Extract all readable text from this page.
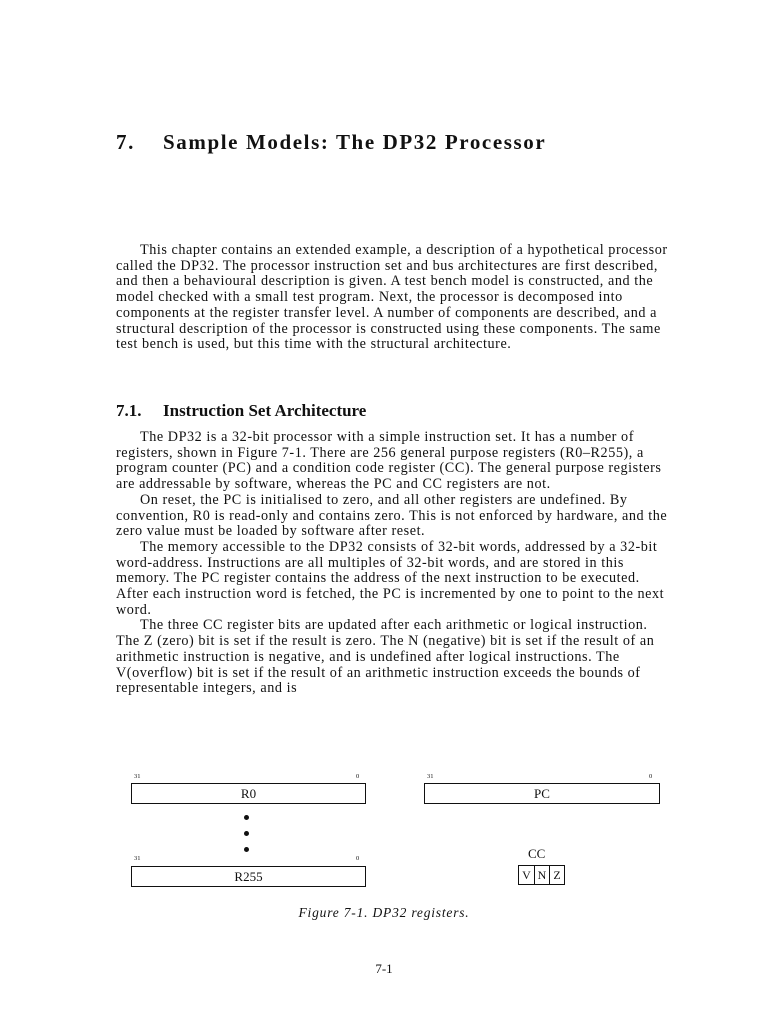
7. Sample Models: The DP32 Processor

This chapter contains an extended example, a description of a hypothetical processor called the DP32. The processor instruction set and bus architectures are first described, and then a behavioural description is given. A test bench model is constructed, and the model checked with a small test program. Next, the processor is decomposed into components at the register transfer level. A number of components are described, and a structural description of the processor is constructed using these components. The same test bench is used, but this time with the structural architecture.

7.1. Instruction Set Architecture

The DP32 is a 32-bit processor with a simple instruction set. It has a number of registers, shown in Figure 7-1. There are 256 general purpose registers (R0–R255), a program counter (PC) and a condition code register (CC). The general purpose registers are addressable by software, whereas the PC and CC registers are not.

On reset, the PC is initialised to zero, and all other registers are undefined. By convention, R0 is read-only and contains zero. This is not enforced by hardware, and the zero value must be loaded by software after reset.

The memory accessible to the DP32 consists of 32-bit words, addressed by a 32-bit word-address. Instructions are all multiples of 32-bit words, and are stored in this memory. The PC register contains the address of the next instruction to be executed. After each instruction word is fetched, the PC is incremented by one to point to the next word.

The three CC register bits are updated after each arithmetic or logical instruction. The Z (zero) bit is set if the result is zero. The N (negative) bit is set if the result of an arithmetic instruction is negative, and is undefined after logical instructions. The V(overflow) bit is set if the result of an arithmetic instruction exceeds the bounds of representable integers, and is

31	0
R0
31	0
PC
31	0
R255
CC
V N Z

Figure 7-1. DP32 registers.

7-1
